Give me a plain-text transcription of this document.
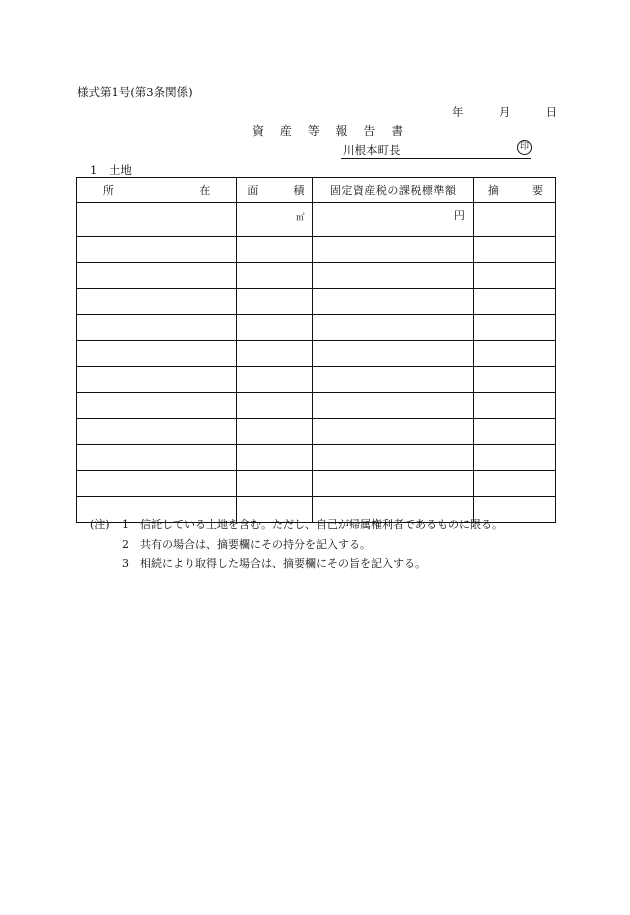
様式第1号(第3条関係)
年	月	日
資 産 等 報 告 書
川根本町長	印
1　土地
所 在	面 積	固定資産税の課税標準額	摘 要

	㎡	円	

(注) 1 信託している土地を含む。ただし、自己が帰属権利者であるものに限る。
2 共有の場合は、摘要欄にその持分を記入する。
3 相続により取得した場合は、摘要欄にその旨を記入する。
